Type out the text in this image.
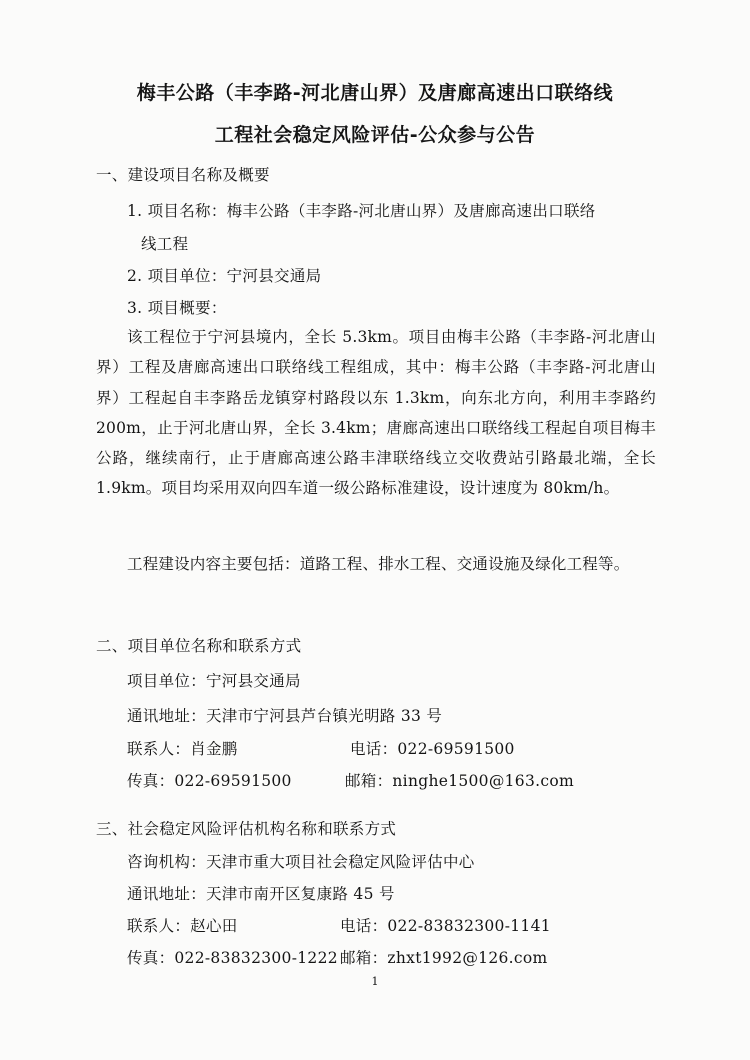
梅丰公路（丰李路-河北唐山界）及唐廊高速出口联络线
工程社会稳定风险评估-公众参与公告
一、建设项目名称及概要
1. 项目名称：梅丰公路（丰李路-河北唐山界）及唐廊高速出口联络
线工程
2. 项目单位：宁河县交通局
3. 项目概要：

该工程位于宁河县境内，全长 5.3km。项目由梅丰公路（丰李路-河北唐山界）工程及唐廊高速出口联络线工程组成，其中：梅丰公路（丰李路-河北唐山界）工程起自丰李路岳龙镇穿村路段以东 1.3km，向东北方向，利用丰李路约 200m，止于河北唐山界，全长 3.4km；唐廊高速出口联络线工程起自项目梅丰公路，继续南行，止于唐廊高速公路丰津联络线立交收费站引路最北端，全长 1.9km。项目均采用双向四车道一级公路标准建设，设计速度为 80km/h。

工程建设内容主要包括：道路工程、排水工程、交通设施及绿化工程等。

二、项目单位名称和联系方式
项目单位：宁河县交通局
通讯地址：天津市宁河县芦台镇光明路 33 号
联系人：肖金鹏	电话：022-69591500
传真：022-69591500	邮箱：ninghe1500@163.com
三、社会稳定风险评估机构名称和联系方式
咨询机构：天津市重大项目社会稳定风险评估中心
通讯地址：天津市南开区复康路 45 号
联系人：赵心田	电话：022-83832300-1141
传真：022-83832300-1222 邮箱：zhxt1992@126.com
1
